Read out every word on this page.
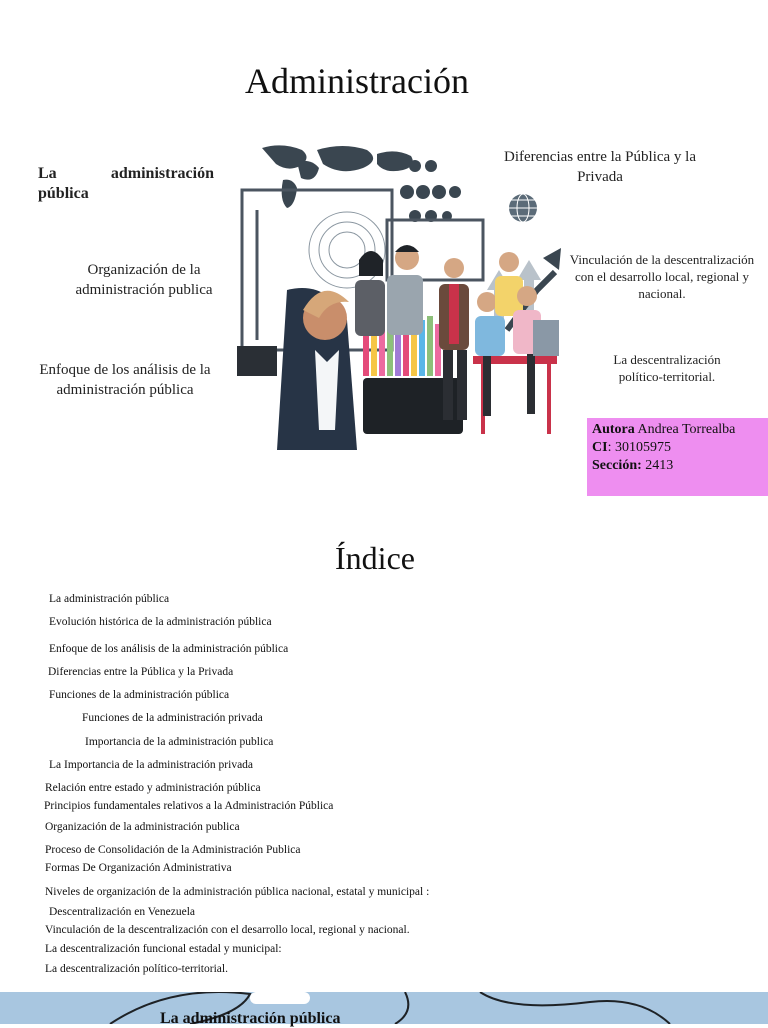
Administración
La administración pública
Organización de la administración publica
Enfoque de los análisis de la administración pública
Diferencias entre la Pública y la Privada
Vinculación de la descentralización con el desarrollo local, regional y nacional.
La descentralización político-territorial.
Autora Andrea Torrealba
CI: 30105975
Sección: 2413
Índice
La administración pública
Evolución histórica de la administración pública
Enfoque de los análisis de la administración pública
Diferencias entre la Pública y la Privada
Funciones de la administración pública
Funciones de la administración privada
Importancia de la administración publica
La Importancia de la administración privada
Relación entre estado y administración pública
Principios fundamentales relativos a la Administración Pública
Organización de la administración publica
Proceso de Consolidación de la Administración Publica
Formas De Organización Administrativa
Niveles de organización de la administración pública nacional, estatal y municipal :
Descentralización en Venezuela
Vinculación de la descentralización con el desarrollo local, regional y nacional.
La descentralización funcional estadal y municipal:
La descentralización político-territorial.
La administración pública
